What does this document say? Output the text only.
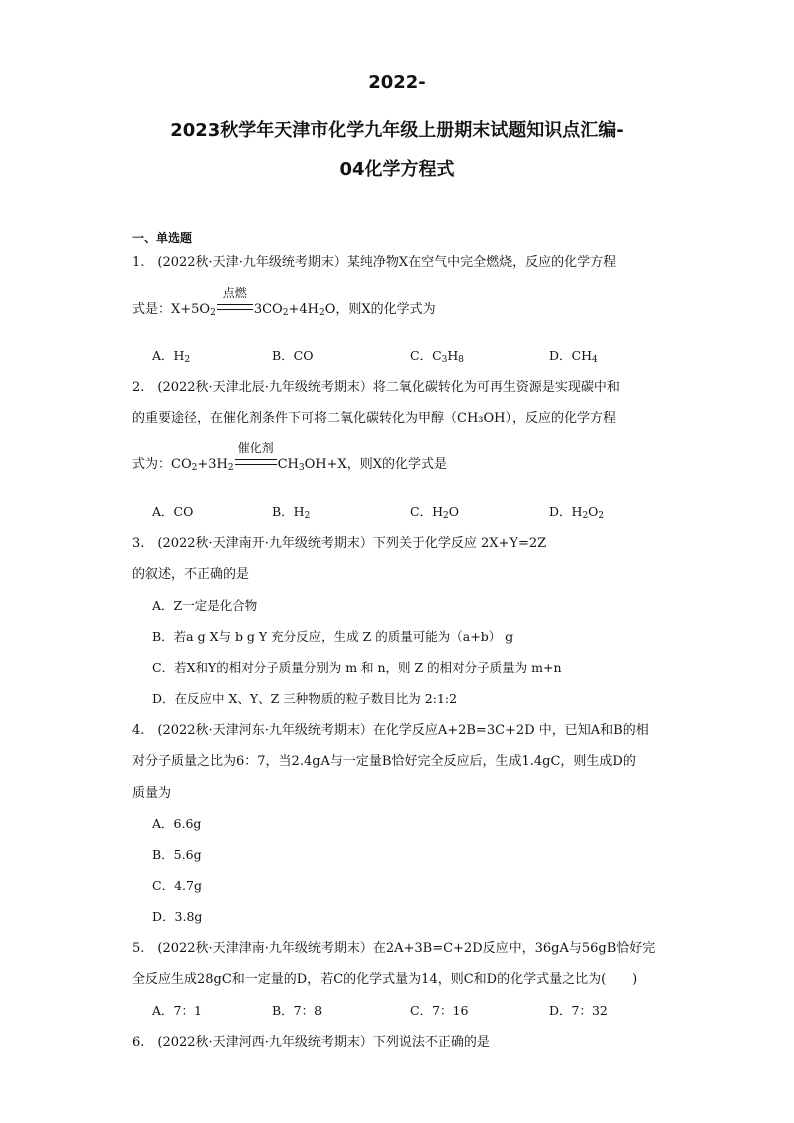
2022-
2023秋学年天津市化学九年级上册期末试题知识点汇编-
04化学方程式
一、单选题
1.　(2022秋·天津·九年级统考期末）某纯净物X在空气中完全燃烧，反应的化学方程
式是：$X+5O_2$
点燃
$3CO_2+4H_2O$，则X的化学式为
A．$H_2$	B．CO	C．$C_3H_8$	D．$CH_4$
2.　(2022秋·天津北辰·九年级统考期末）将二氧化碳转化为可再生资源是实现碳中和
的重要途径，在催化剂条件下可将二氧化碳转化为甲醇（CH₃OH），反应的化学方程
式为：$CO_2+3H_2$
催化剂
$CH_3OH+X$，则X的化学式是
A．CO	B．$H_2$	C．$H_2O$	D．$H_2O_2$
3.　(2022秋·天津南开·九年级统考期末）下列关于化学反应 2X+Y=2Z
的叙述，不正确的是
A．Z一定是化合物
B．若a g X与 b g Y 充分反应，生成 Z 的质量可能为（a+b） g
C．若X和Y的相对分子质量分别为 m 和 n，则 Z 的相对分子质量为 m+n
D．在反应中 X、Y、Z 三种物质的粒子数目比为 2:1:2
4.　(2022秋·天津河东·九年级统考期末）在化学反应A+2B=3C+2D 中，已知A和B的相
对分子质量之比为6：7，当2.4gA与一定量B恰好完全反应后，生成1.4gC，则生成D的
质量为
A．6.6g
B．5.6g
C．4.7g
D．3.8g
5.　(2022秋·天津津南·九年级统考期末）在2A+3B=C+2D反应中，36gA与56gB恰好完
全反应生成28gC和一定量的D，若C的化学式量为14，则C和D的化学式量之比为(　　)
A．7：1	B．7：8	C．7：16	D．7：32
6.　(2022秋·天津河西·九年级统考期末）下列说法不正确的是
